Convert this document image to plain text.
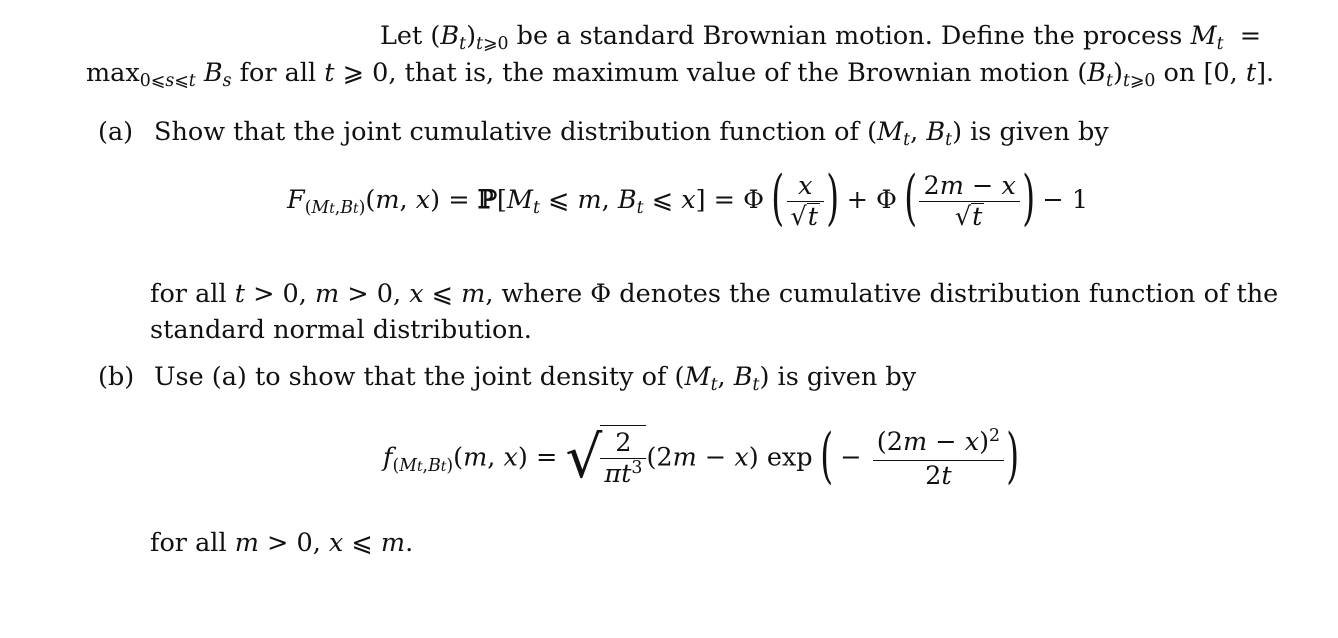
Let $(B_t)_{t⩾0}$ be a standard Brownian motion. Define the process $M_t$  =
$\max_{0⩽s⩽t} B_s$ for all t ⩾ 0, that is, the maximum value of the Brownian motion $(B_t)_{t⩾0}$ on [0, t].
(a) Show that the joint cumulative distribution function of ($M_t$, $B_t$) is given by
$F_{(Mt,Bt)}(m$, $x) = ℙ[M_t$ ⩽ m, $B_t$ ⩽ x] = Φ ( $\frac{x}{√t}$ ) + Φ ( $\frac{2m - x}{√t}$ ) − 1
for all t > 0, m > 0, x ⩽ m, where Φ denotes the cumulative distribution function of the
standard normal distribution.
(b) Use (a) to show that the joint density of ($M_t$, $B_t$) is given by
$f_{(Mt,Bt)}(m$, x) = √
$\frac{2}{\pi t^3} (2m - x)$ exp ( − $\frac{(2m - x)^2}{2t}$ )
for all m > 0, x ⩽ m.
